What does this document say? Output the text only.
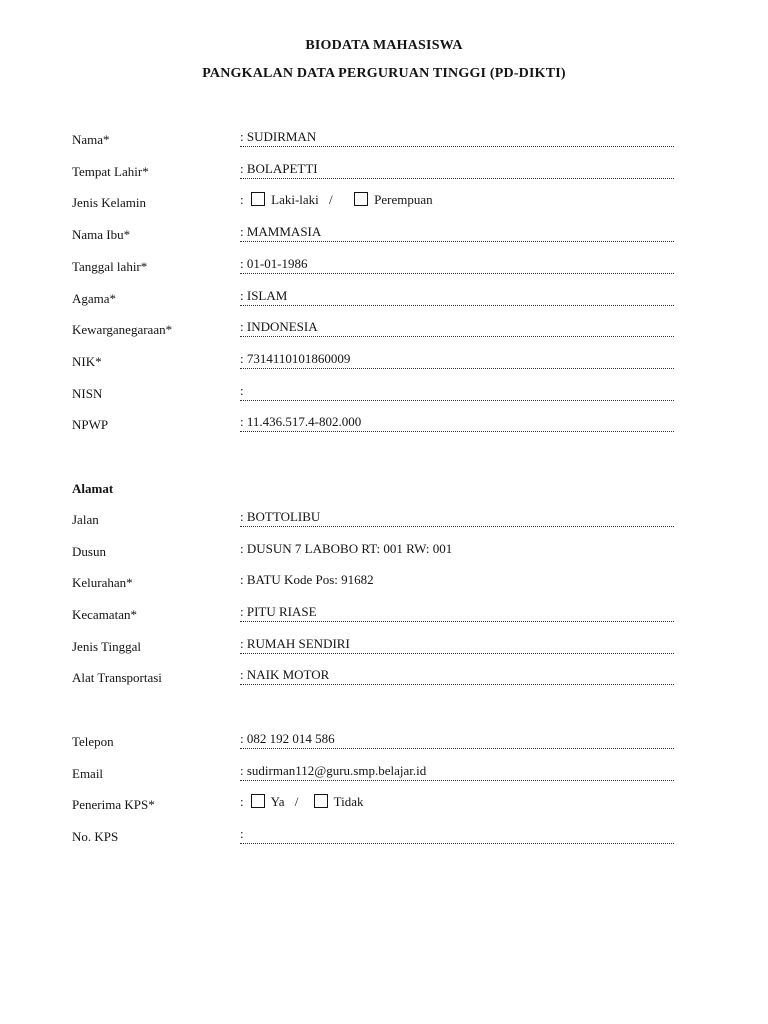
BIODATA MAHASISWA
PANGKALAN DATA PERGURUAN TINGGI (PD-DIKTI)
Nama*	: SUDIRMAN
Tempat Lahir*	: BOLAPETTI
Jenis Kelamin	: Laki-laki /	Perempuan
Nama Ibu*	: MAMMASIA
Tanggal lahir*	: 01-01-1986
Agama*	: ISLAM
Kewarganegaraan*	: INDONESIA
NIK*	: 7314110101860009
NISN	:
NPWP	: 11.436.517.4-802.000
Alamat
Jalan	: BOTTOLIBU
Dusun	: DUSUN 7 LABOBO RT: 001 RW: 001
Kelurahan*	: BATU Kode Pos: 91682
Kecamatan*	: PITU RIASE
Jenis Tinggal	: RUMAH SENDIRI
Alat Transportasi	: NAIK MOTOR
Telepon	: 082 192 014 586
Email	: sudirman112@guru.smp.belajar.id
Penerima KPS*	: Ya /	Tidak
No. KPS	:
